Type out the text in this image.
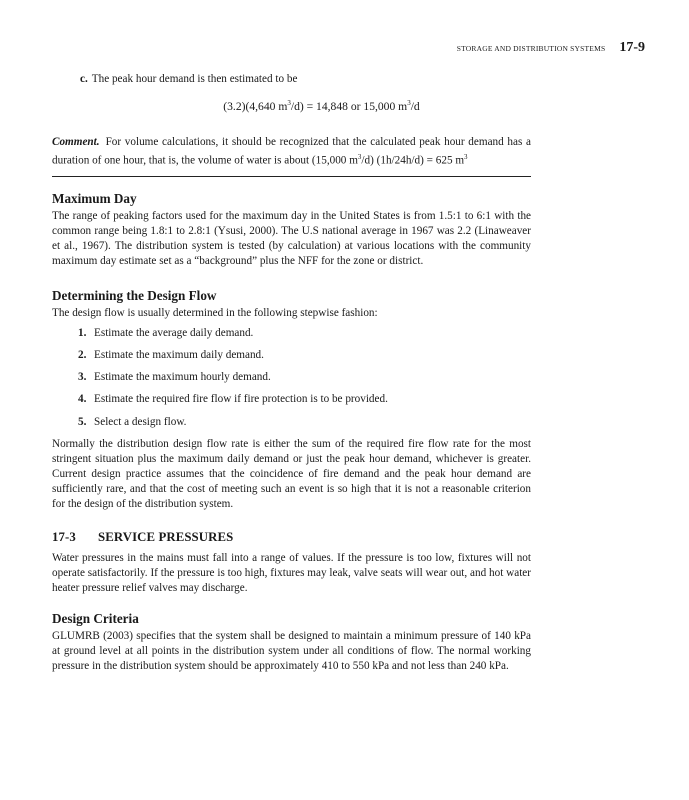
STORAGE AND DISTRIBUTION SYSTEMS 17-9

c. The peak hour demand is then estimated to be

(3.2)(4,640 $m^3/d) = 14,848$ or 15,000 $m^3/d$

Comment. For volume calculations, it should be recognized that the calculated peak hour demand has a duration of one hour, that is, the volume of water is about (15,000 $m^3/d$) (1h/24h/d) = 625 $m^3$

Maximum Day

The range of peaking factors used for the maximum day in the United States is from 1.5:1 to 6:1 with the common range being 1.8:1 to 2.8:1 (Ysusi, 2000). The U.S national average in 1967 was 2.2 (Linaweaver et al., 1967). The distribution system is tested (by calculation) at various locations with the community maximum day estimate set as a “background” plus the NFF for the zone or district.

Determining the Design Flow

The design flow is usually determined in the following stepwise fashion:

1. Estimate the average daily demand.
2. Estimate the maximum daily demand.
3. Estimate the maximum hourly demand.
4. Estimate the required fire flow if fire protection is to be provided.
5. Select a design flow.

Normally the distribution design flow rate is either the sum of the required fire flow rate for the most stringent situation plus the maximum daily demand or just the peak hour demand, whichever is greater. Current design practice assumes that the coincidence of fire demand and the peak hour demand are sufficiently rare, and that the cost of meeting such an event is so high that it is not a reasonable criterion for the design of the distribution system.

17-3 SERVICE PRESSURES

Water pressures in the mains must fall into a range of values. If the pressure is too low, fixtures will not operate satisfactorily. If the pressure is too high, fixtures may leak, valve seats will wear out, and hot water heater pressure relief valves may discharge.

Design Criteria

GLUMRB (2003) specifies that the system shall be designed to maintain a minimum pressure of 140 kPa at ground level at all points in the distribution system under all conditions of flow. The normal working pressure in the distribution system should be approximately 410 to 550 kPa and not less than 240 kPa.
